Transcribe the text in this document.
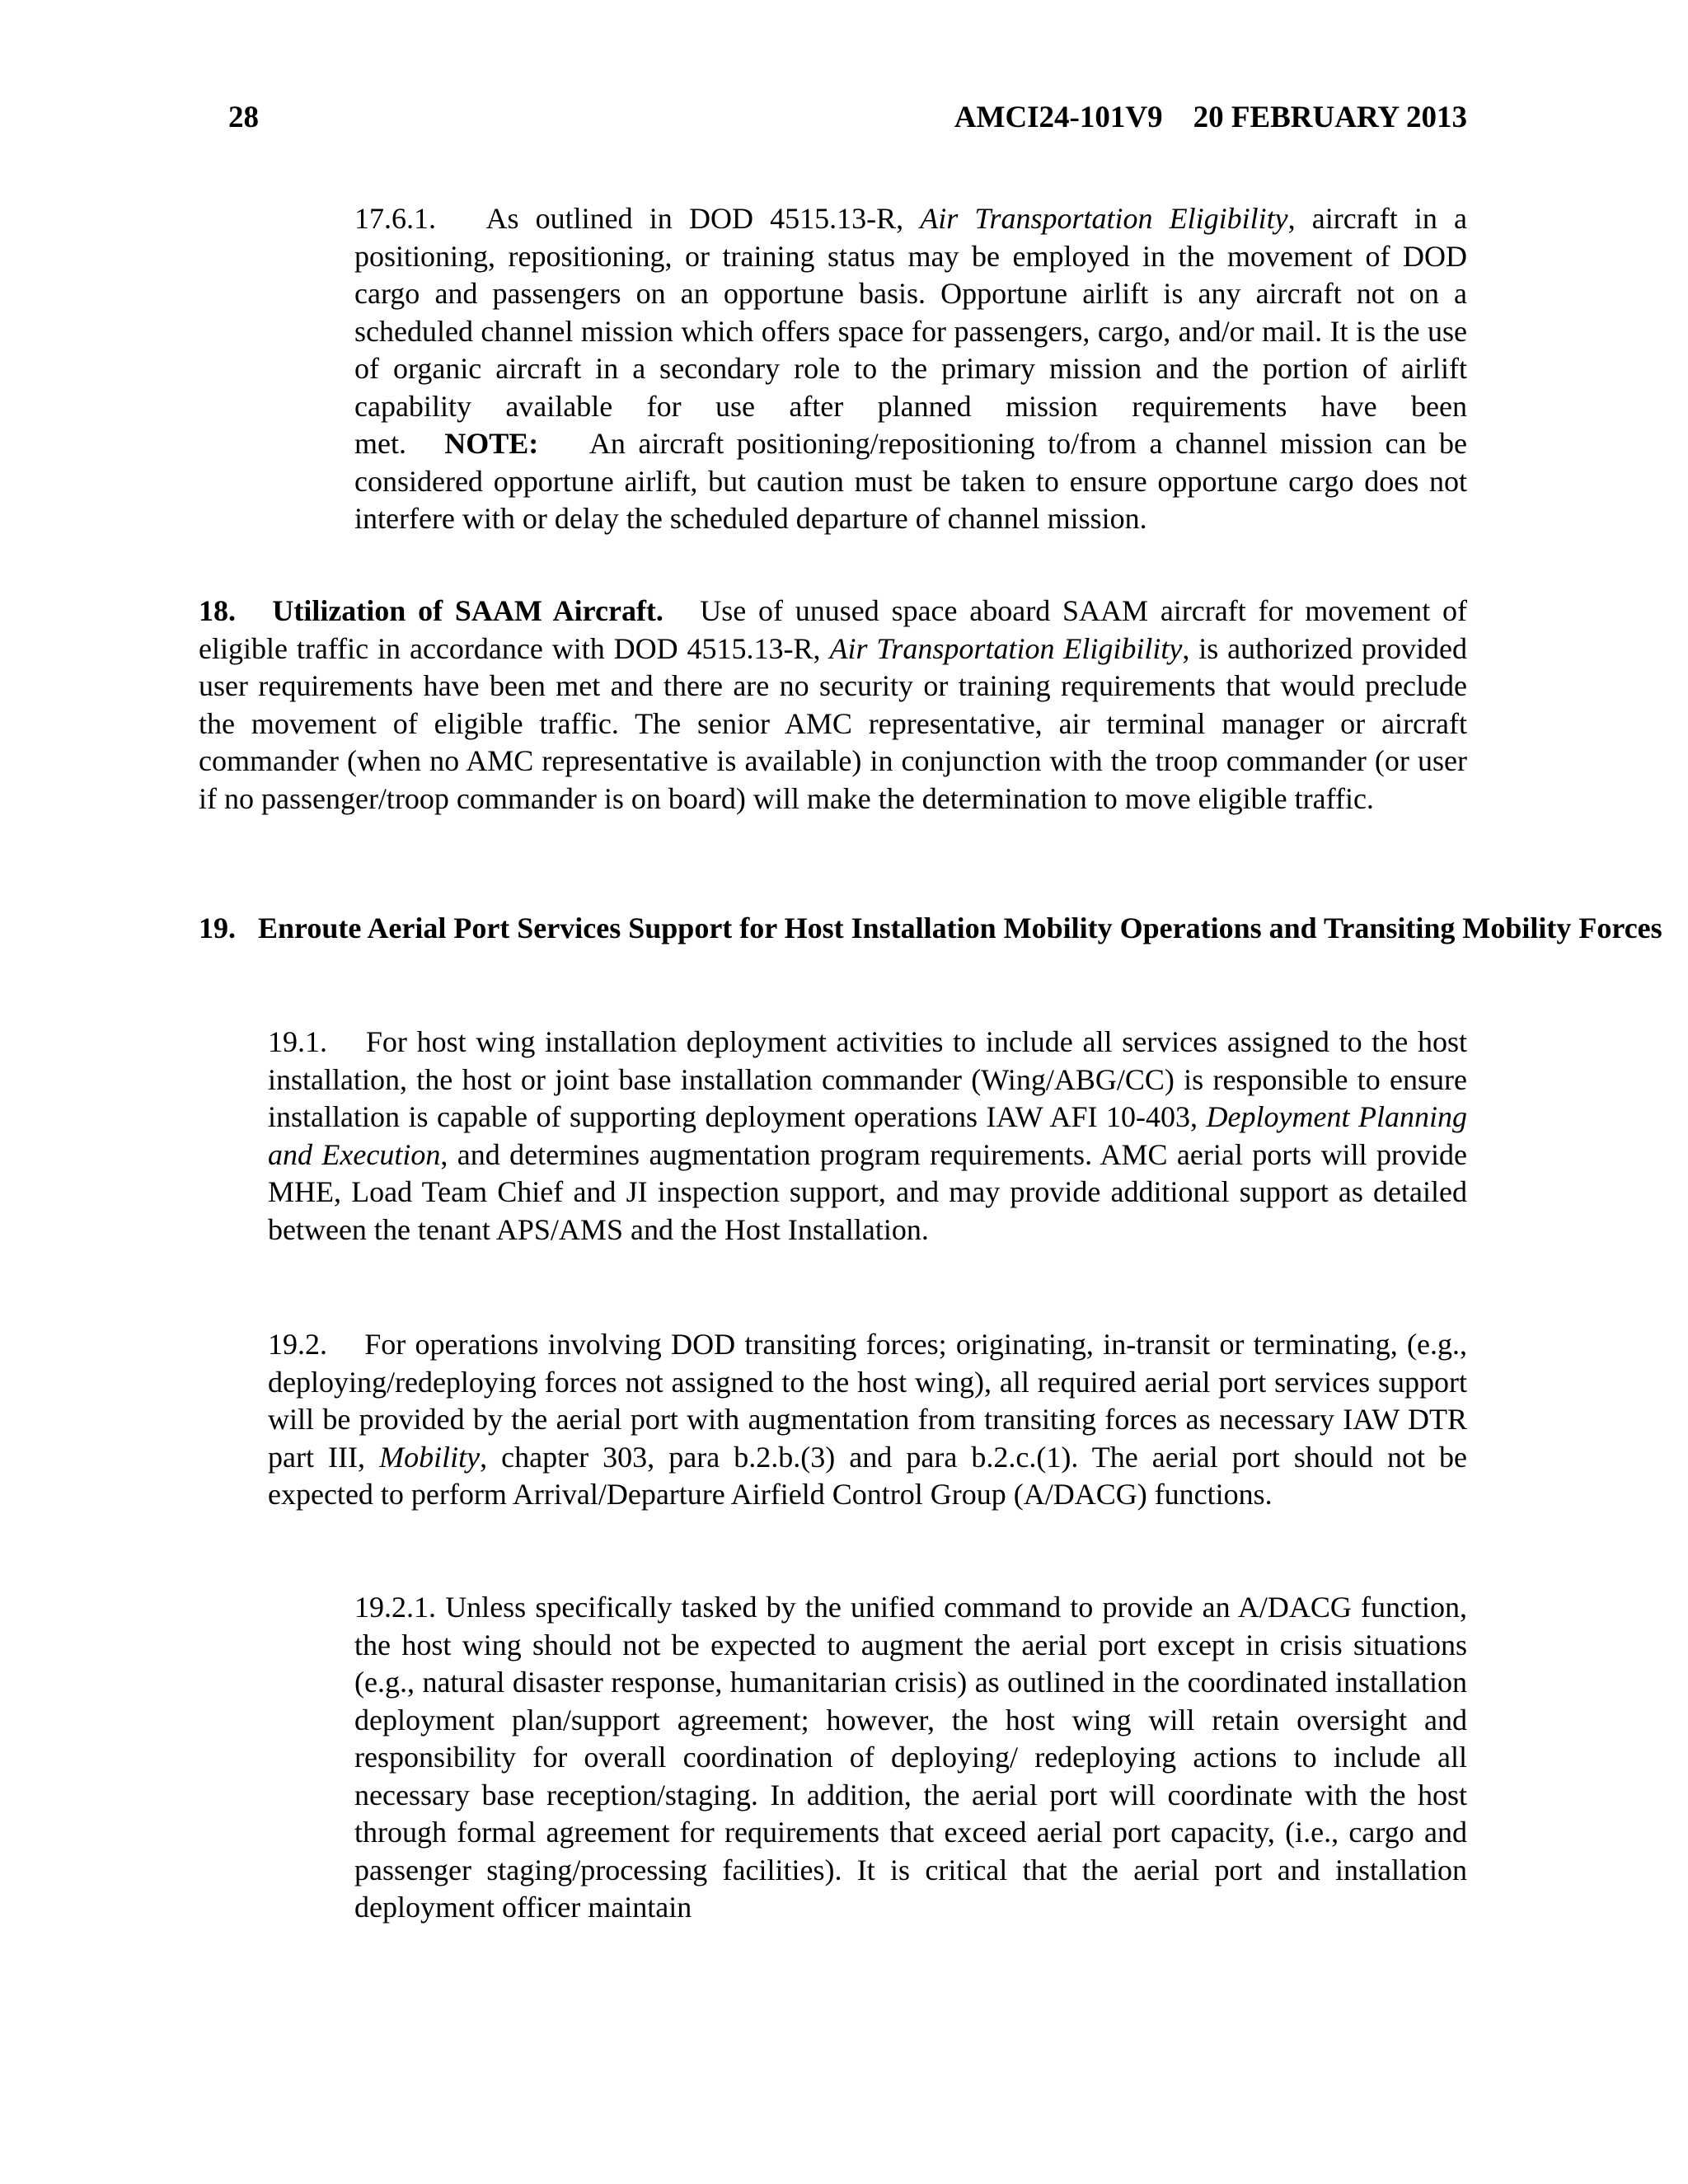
28	AMCI24-101V9    20 FEBRUARY 2013

17.6.1. As outlined in DOD 4515.13-R, Air Transportation Eligibility, aircraft in a positioning, repositioning, or training status may be employed in the movement of DOD cargo and passengers on an opportune basis. Opportune airlift is any aircraft not on a scheduled channel mission which offers space for passengers, cargo, and/or mail. It is the use of organic aircraft in a secondary role to the primary mission and the portion of airlift capability available for use after planned mission requirements have been met. NOTE: An aircraft positioning/repositioning to/from a channel mission can be considered opportune airlift, but caution must be taken to ensure opportune cargo does not interfere with or delay the scheduled departure of channel mission.

18.   Utilization of SAAM Aircraft. Use of unused space aboard SAAM aircraft for movement of eligible traffic in accordance with DOD 4515.13-R, Air Transportation Eligibility, is authorized provided user requirements have been met and there are no security or training requirements that would preclude the movement of eligible traffic. The senior AMC representative, air terminal manager or aircraft commander (when no AMC representative is available) in conjunction with the troop commander (or user if no passenger/troop commander is on board) will make the determination to move eligible traffic.

19.   Enroute Aerial Port Services Support for Host Installation Mobility Operations and Transiting Mobility Forces

19.1. For host wing installation deployment activities to include all services assigned to the host installation, the host or joint base installation commander (Wing/ABG/CC) is responsible to ensure installation is capable of supporting deployment operations IAW AFI 10-403, Deployment Planning and Execution, and determines augmentation program requirements. AMC aerial ports will provide MHE, Load Team Chief and JI inspection support, and may provide additional support as detailed between the tenant APS/AMS and the Host Installation.

19.2. For operations involving DOD transiting forces; originating, in-transit or terminating, (e.g., deploying/redeploying forces not assigned to the host wing), all required aerial port services support will be provided by the aerial port with augmentation from transiting forces as necessary IAW DTR part III, Mobility, chapter 303, para b.2.b.(3) and para b.2.c.(1). The aerial port should not be expected to perform Arrival/Departure Airfield Control Group (A/DACG) functions.

19.2.1. Unless specifically tasked by the unified command to provide an A/DACG function, the host wing should not be expected to augment the aerial port except in crisis situations (e.g., natural disaster response, humanitarian crisis) as outlined in the coordinated installation deployment plan/support agreement; however, the host wing will retain oversight and responsibility for overall coordination of deploying/ redeploying actions to include all necessary base reception/staging. In addition, the aerial port will coordinate with the host through formal agreement for requirements that exceed aerial port capacity, (i.e., cargo and passenger staging/processing facilities). It is critical that the aerial port and installation deployment officer maintain
